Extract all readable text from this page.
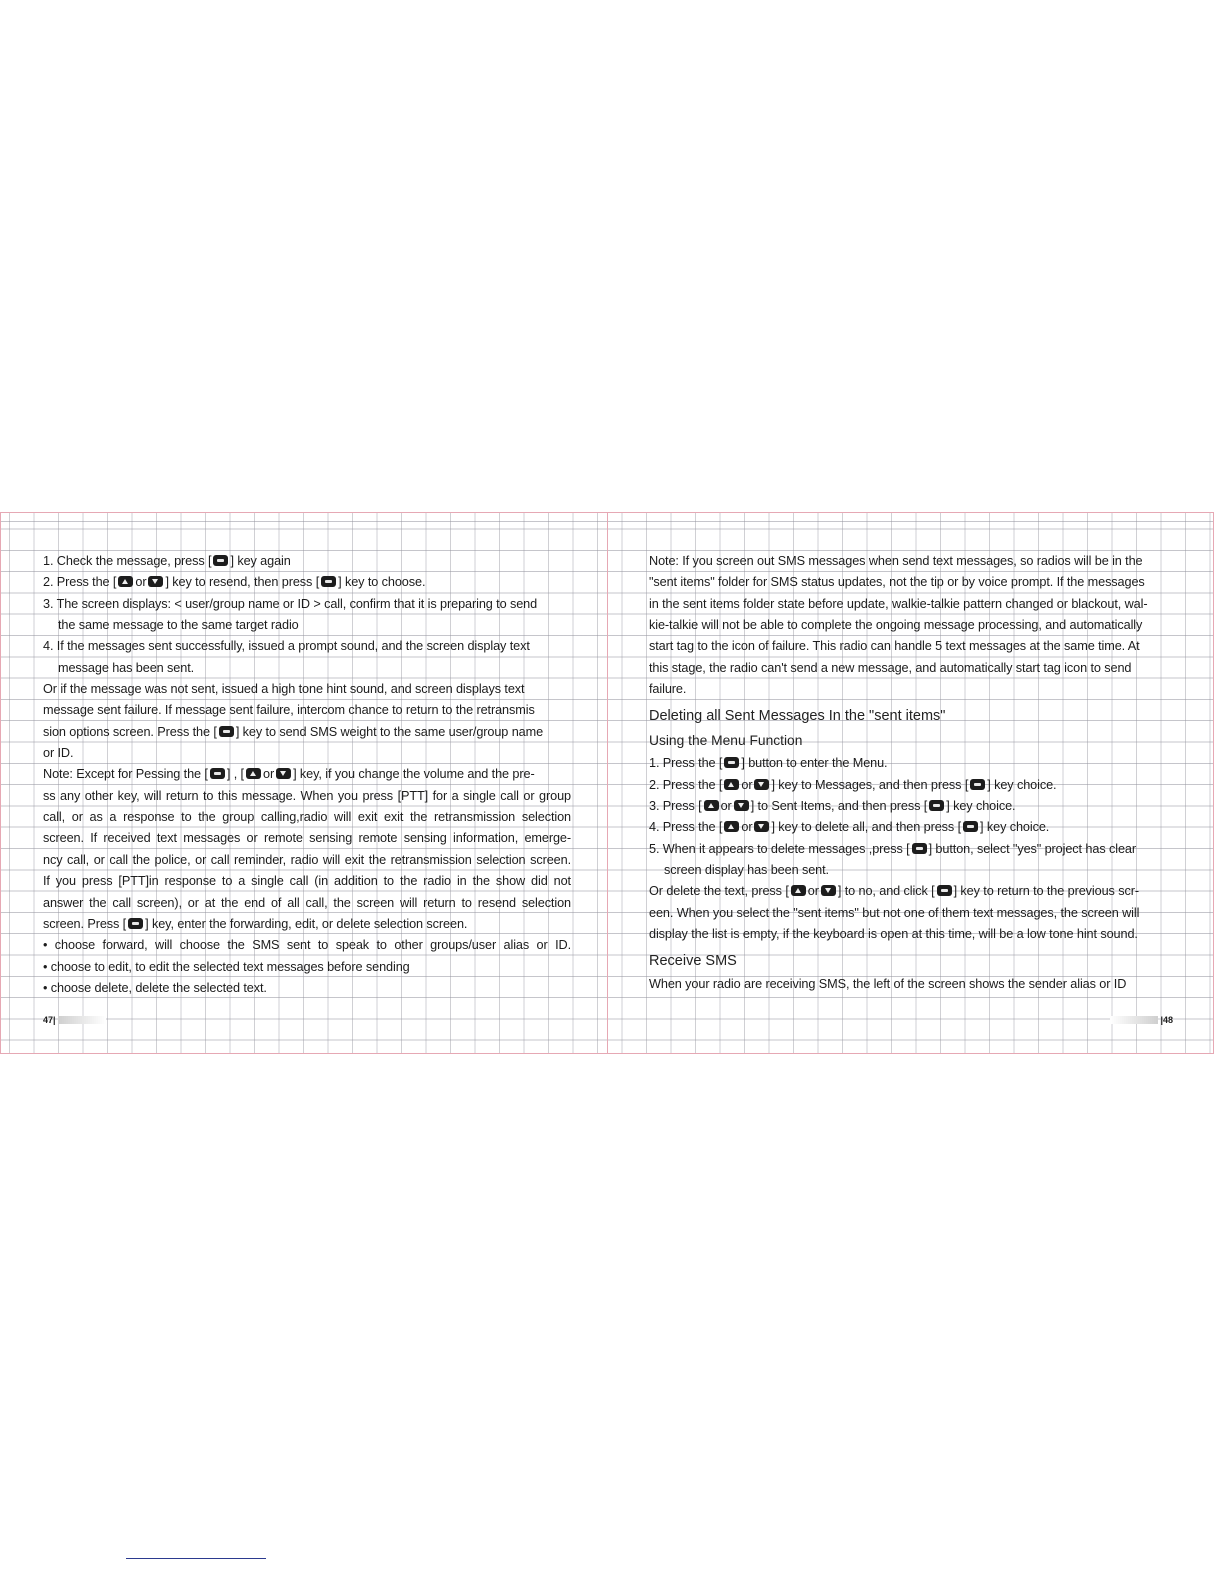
1. Check the message, press [ ] key again
2. Press the [ or ] key to resend, then press [ ] key to choose.
3. The screen displays: < user/group name or ID > call, confirm that it is preparing to send
the same message to the same target radio
4. If the messages sent successfully, issued a prompt sound, and the screen display text
message has been sent.
Or if the message was not sent, issued a high tone hint sound, and screen displays text
message sent failure. If message sent failure, intercom chance to return to the retransmis
sion options screen. Press the [ ] key to send SMS weight to the same user/group name
or ID.
Note: Except for Pessing the [ ] , [ or ] key, if you change the volume and the pre-
ss any other key, will return to this message. When you press [PTT] for a single call or group
call, or as a response to the group calling,radio will exit exit the retransmission selection
screen. If received text messages or remote sensing remote sensing information, emerge-
ncy call, or call the police, or call reminder, radio will exit the retransmission selection screen.
If you press [PTT]in response to a single call (in addition to the radio in the show did not
answer the call screen), or at the end of all call, the screen will return to resend selection
screen. Press [ ] key, enter the forwarding, edit, or delete selection screen.
• choose forward, will choose the SMS sent to speak to other groups/user alias or ID.
• choose to edit, to edit the selected text messages before sending
• choose delete, delete the selected text.
47|
Note: If you screen out SMS messages when send text messages, so radios will be in the
"sent items" folder for SMS status updates, not the tip or by voice prompt. If the messages
in the sent items folder state before update, walkie-talkie pattern changed or blackout, wal-
kie-talkie will not be able to complete the ongoing message processing, and automatically
start tag to the icon of failure. This radio can handle 5 text messages at the same time. At
this stage, the radio can't send a new message, and automatically start tag icon to send
failure.
Deleting all Sent Messages In the "sent items"
Using the Menu Function
1. Press the [ ] button to enter the Menu.
2. Press the [ or ] key to Messages, and then press [ ] key choice.
3. Press [ or ] to Sent Items, and then press [ ] key choice.
4. Press the [ or ] key to delete all, and then press [ ] key choice.
5. When it appears to delete messages ,press [ ] button, select "yes" project has clear
screen display has been sent.
Or delete the text, press [ or ] to no, and click [ ] key to return to the previous scr-
een. When you select the "sent items" but not one of them text messages, the screen will
display the list is empty, if the keyboard is open at this time, will be a low tone hint sound.
Receive SMS
When your radio are receiving SMS, the left of the screen shows the sender alias or ID
|48
